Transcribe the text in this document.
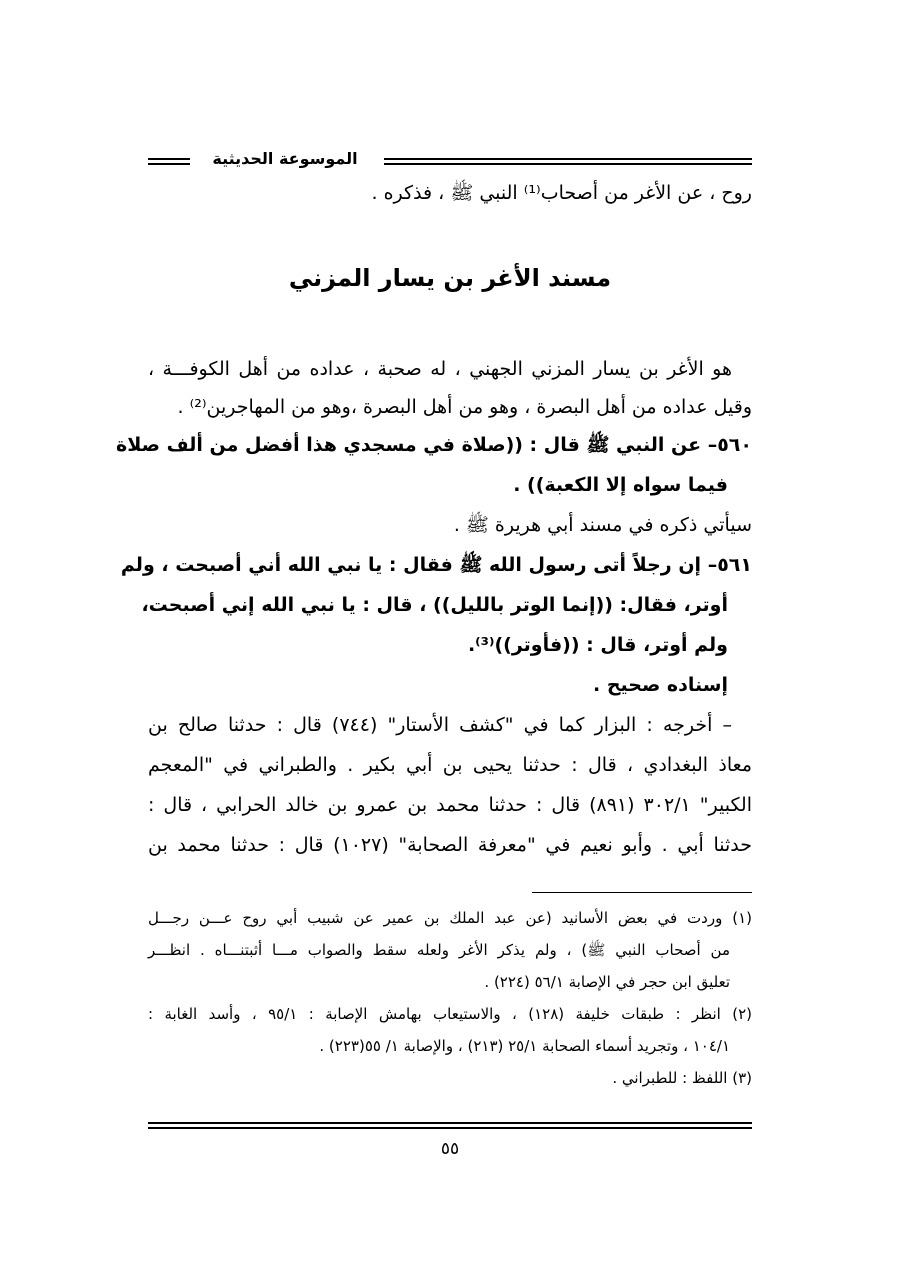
الموسوعة الحديثية
روح ، عن الأغر من أصحاب⁽¹⁾ النبي ﷺ ، فذكره .
مسند الأغر بن يسار المزني
هو الأغر بن يسار المزني الجهني ، له صحبة ، عداده من أهل الكوفـــة ،
وقيل عداده من أهل البصرة ، وهو من أهل البصرة ،وهو من المهاجرين⁽²⁾ .
٥٦٠– عن النبي ﷺ قال : ((صلاة في مسجدي هذا أفضل من ألف صلاة
فيما سواه إلا الكعبة)) .
سيأتي ذكره في مسند أبي هريرة ﷺ .
٥٦١– إن رجلاً أتى رسول الله ﷺ فقال : يا نبي الله أني أصبحت ، ولم
أوتر، فقال: ((إنما الوتر بالليل)) ، قال : يا نبي الله إني أصبحت،
ولم أوتر، قال : ((فأوتر))⁽³⁾.
إسناده صحيح .
– أخرجه : البزار كما في "كشف الأستار" (٧٤٤) قال : حدثنا صالح بن
معاذ البغدادي ، قال : حدثنا يحيى بن أبي بكير . والطبراني في "المعجم
الكبير" ٣٠٢/١ (٨٩١) قال : حدثنا محمد بن عمرو بن خالد الحرابي ، قال :
حدثنا أبي . وأبو نعيم في "معرفة الصحابة" (١٠٢٧) قال : حدثنا محمد بن
(١) وردت في بعض الأسانيد (عن عبد الملك بن عمير عن شبيب أبي روح عـــن رجـــل
من أصحاب النبي ﷺ) ، ولم يذكر الأغر ولعله سقط والصواب مـــا أثبتنـــاه . انظـــر
تعليق ابن حجر في الإصابة ٥٦/١ (٢٢٤) .
(٢) انظر : طبقات خليفة (١٢٨) ، والاستيعاب بهامش الإصابة : ٩٥/١ ، وأسد الغابة :
١٠٤/١ ، وتجريد أسماء الصحابة ٢٥/١ (٢١٣) ، والإصابة ١/ ٥٥(٢٢٣) .
(٣) اللفظ : للطبراني .
٥٥
